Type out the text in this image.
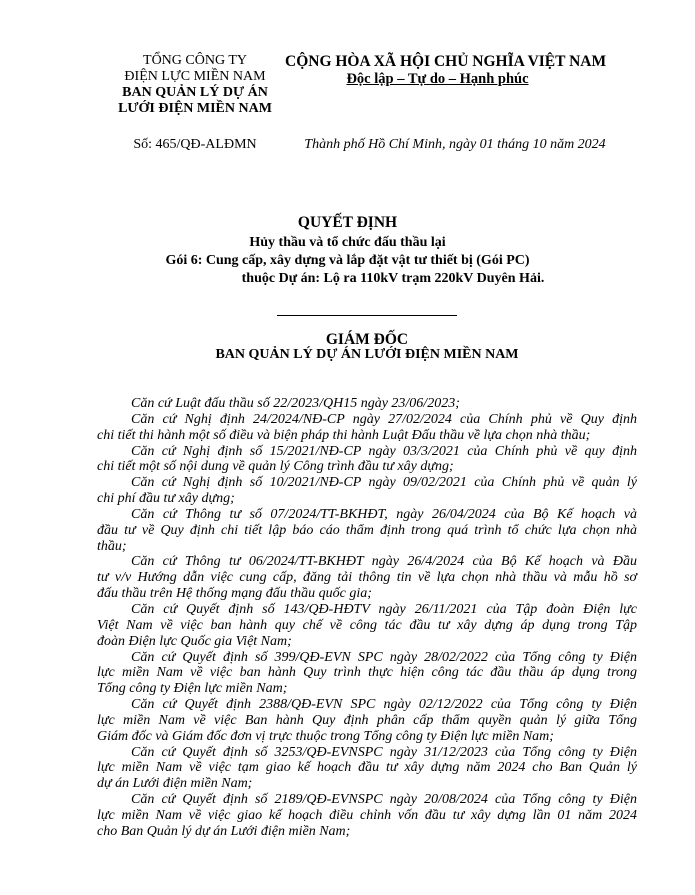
TỔNG CÔNG TY
ĐIỆN LỰC MIỀN NAM
BAN QUẢN LÝ DỰ ÁN
LƯỚI ĐIỆN MIỀN NAM
CỘNG HÒA XÃ HỘI CHỦ NGHĨA VIỆT NAM
Độc lập – Tự do – Hạnh phúc
Số: 465/QĐ-ALĐMN	Thành phố Hồ Chí Minh, ngày 01 tháng 10 năm 2024
QUYẾT ĐỊNH
Hủy thầu và tổ chức đấu thầu lại
Gói 6: Cung cấp, xây dựng và lắp đặt vật tư thiết bị (Gói PC)
thuộc Dự án: Lộ ra 110kV trạm 220kV Duyên Hải.
GIÁM ĐỐC
BAN QUẢN LÝ DỰ ÁN LƯỚI ĐIỆN MIỀN NAM
Căn cứ Luật đấu thầu số 22/2023/QH15 ngày 23/06/2023;
Căn cứ Nghị định 24/2024/NĐ-CP ngày 27/02/2024 của Chính phủ về Quy định
chi tiết thi hành một số điều và biện pháp thi hành Luật Đấu thầu về lựa chọn nhà thầu;
Căn cứ Nghị định số 15/2021/NĐ-CP ngày 03/3/2021 của Chính phủ về quy định
chi tiết một số nội dung về quản lý Công trình đầu tư xây dựng;
Căn cứ Nghị định số 10/2021/NĐ-CP ngày 09/02/2021 của Chính phủ về quản lý
chi phí đầu tư xây dựng;
Căn cứ Thông tư số 07/2024/TT-BKHĐT, ngày 26/04/2024 của Bộ Kế hoạch và
đầu tư về Quy định chi tiết lập báo cáo thẩm định trong quá trình tổ chức lựa chọn nhà
thầu;
Căn cứ Thông tư 06/2024/TT-BKHĐT ngày 26/4/2024 của Bộ Kế hoạch và Đầu
tư v/v Hướng dẫn việc cung cấp, đăng tải thông tin về lựa chọn nhà thầu và mẫu hồ sơ
đấu thầu trên Hệ thống mạng đấu thầu quốc gia;
Căn cứ Quyết định số 143/QĐ-HĐTV ngày 26/11/2021 của Tập đoàn Điện lực
Việt Nam về việc ban hành quy chế về công tác đầu tư xây dựng áp dụng trong Tập
đoàn Điện lực Quốc gia Việt Nam;
Căn cứ Quyết định số 399/QĐ-EVN SPC ngày 28/02/2022 của Tổng công ty Điện
lực miền Nam về việc ban hành Quy trình thực hiện công tác đầu thầu áp dụng trong
Tổng công ty Điện lực miền Nam;
Căn cứ Quyết định 2388/QĐ-EVN SPC ngày 02/12/2022 của Tổng công ty Điện
lực miền Nam về việc Ban hành Quy định phân cấp thẩm quyền quản lý giữa Tổng
Giám đốc và Giám đốc đơn vị trực thuộc trong Tổng công ty Điện lực miền Nam;
Căn cứ Quyết định số 3253/QĐ-EVNSPC ngày 31/12/2023 của Tổng công ty Điện
lực miền Nam về việc tạm giao kế hoạch đầu tư xây dựng năm 2024 cho Ban Quản lý
dự án Lưới điện miền Nam;
Căn cứ Quyết định số 2189/QĐ-EVNSPC ngày 20/08/2024 của Tổng công ty Điện
lực miền Nam về việc giao kế hoạch điều chỉnh vốn đầu tư xây dựng lần 01 năm 2024
cho Ban Quản lý dự án Lưới điện miền Nam;
